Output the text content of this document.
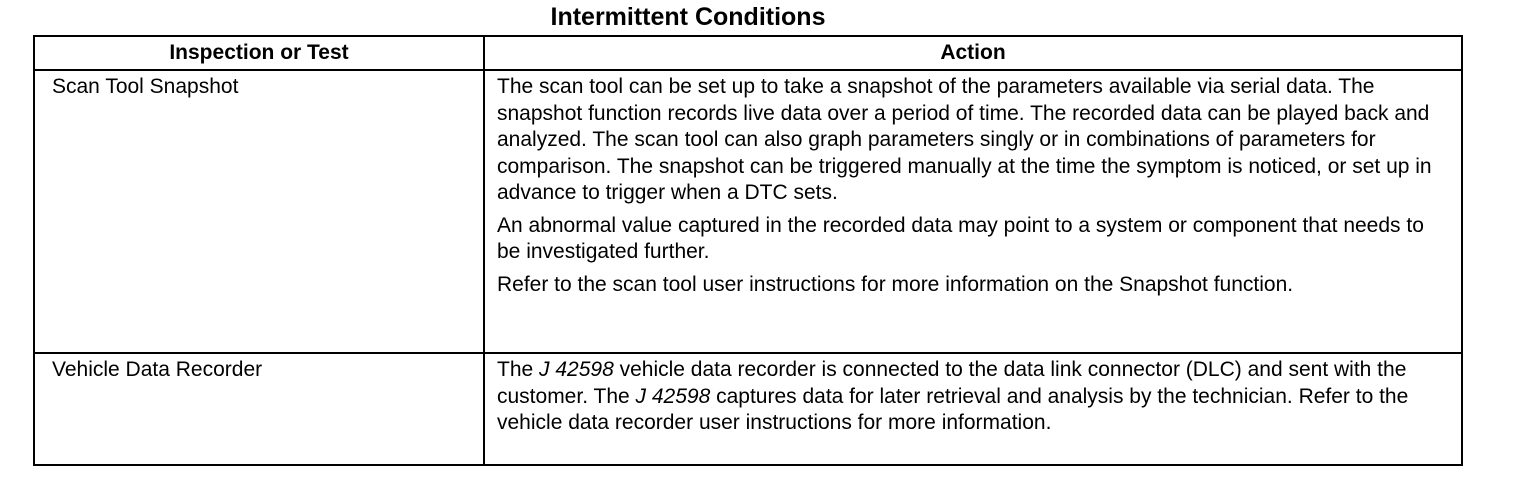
Intermittent Conditions
Inspection or Test	Action
Scan Tool Snapshot	The scan tool can be set up to take a snapshot of the parameters available via serial data. The snapshot function records live data over a period of time. The recorded data can be played back and analyzed. The scan tool can also graph parameters singly or in combinations of parameters for comparison. The snapshot can be triggered manually at the time the symptom is noticed, or set up in advance to trigger when a DTC sets.

An abnormal value captured in the recorded data may point to a system or component that needs to be investigated further.

Refer to the scan tool user instructions for more information on the Snapshot function.

Vehicle Data Recorder	The J 42598 vehicle data recorder is connected to the data link connector (DLC) and sent with the customer. The J 42598 captures data for later retrieval and analysis by the technician. Refer to the vehicle data recorder user instructions for more information.
